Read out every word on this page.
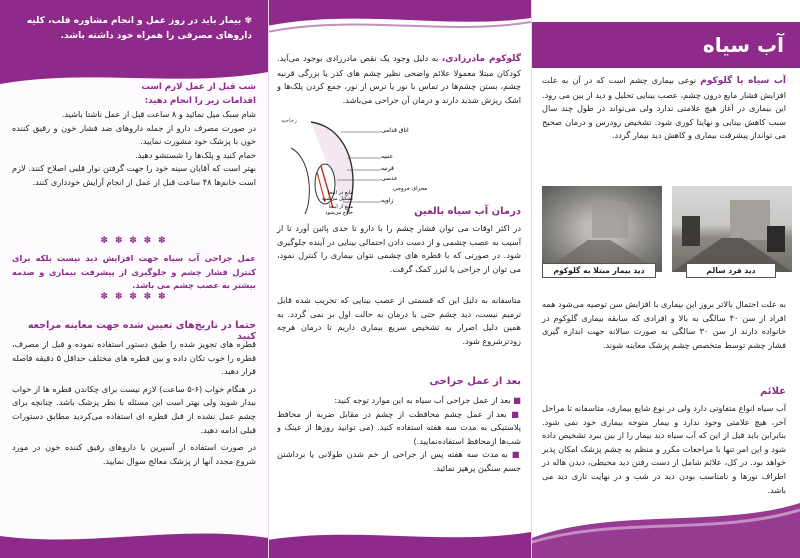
آب سیاه

آب سیاه یا گلوکوم نوعی بیماری چشم است که در آن به علت افزایش فشار مایع درون چشم، عصب بینایی تحلیل و دید از بین می رود. این بیماری در آغاز هیچ علامتی ندارد ولی می‌تواند در طول چند سال سبب کاهش بینایی و نهایتا کوری شود. تشخیص زودرس و درمان صحیح می توانداز پیشرفت بیماری و کاهش دید بیمار گردد.

دید فرد سالم
دید بیمار مبتلا به گلوکوم

به علت احتمال بالاتر بروز این بیماری با افزایش سن توصیه می‌شود همه افراد از سن ۴۰ سالگی به بالا و افرادی که سابقه بیماری گلوکوم در خانواده دارند از سن ۳۰ سالگی به صورت سالانه جهت اندازه گیری فشار چشم توسط متخصص چشم پزشک معاینه شوند.

علائم

آب سیاه انواع متفاوتی دارد ولی در نوع شایع بیماری، متاسفانه تا مراحل آخر، هیچ علامتی وجود ندارد و بیمار متوجه بیماری خود نمی شود. بنابراین باید قبل از این که آب سیاه دید بیمار را از بین ببرد تشخیص داده شود و این امر تنها با مراجعات مکرر و منظم به چشم پزشک امکان پذیر خواهد بود. در کل، علائم شامل از دست رفتن دید محیطی، دیدن هاله در اطراف نورها و نامناسب بودن دید در شب و در نهایت تاری دید می باشد.

گلوکوم مادرزادی، به دلیل وجود یک نقص مادرزادی بوجود می‌آید. کودکان مبتلا معمولا علائم واضحی نظیر چشم های کدر یا بزرگی قرنیه چشم، بستن چشم‌ها در تماس با نور یا ترس از نور، جمع کردن پلک‌ها و اشک ریزش شدید دارند و درمان آن جراحی می‌باشد.

اتاق قدامی
عنبیه
قرنیه
عدسی
زاویه
زجاجیه
مجرای خروجی
مایع در اینجا تشکیل می‌شود
مایع از اینجا خارج می‌شود	درمان آب سیاه بالغین

در اکثر اوقات می توان فشار چشم را با دارو تا حدی پائین آورد تا از آسیب به عصب چشمی و از دست دادن احتمالی بینایی در آینده جلوگیری شود. در صورتی که با قطره های چشمی نتوان بیماری را کنترل نمود، می توان از جراحی یا لیزر کمک گرفت.

متاسفانه به دلیل این که قسمتی از عصب بینایی که تخریب شده قابل ترمیم نیست، دید چشم حتی با درمان به حالت اول بر نمی گردد. به همین دلیل اصرار به تشخیص سریع بیماری داریم تا درمان هرچه زودترشروع شود.

بعد از عمل جراحی

■ بعد از عمل جراحی آب سیاه به این موارد توجه کنید:

■ بعد از عمل چشم محافظت از چشم در مقابل ضربه از محافظ پلاستیکی به مدت سه هفته استفاده کنید. (می توانید روزها از عینک و شب‌ها ازمحافظ استفاده‌نمایید.)

■ به مدت سه هفته پس از جراحی از خم شدن طولانی یا برداشتن جسم سنگین پرهیز نمائید.

✾ بیمار باید در روز عمل و انجام مشاوره قلب، کلیه داروهای مصرفی را همراه خود داشته باشد.
شب قبل از عمل لازم است
اقدامات زیر را انجام دهید:

شام سبک میل نمائید و ۸ ساعت قبل از عمل ناشتا باشید.

در صورت مصرف دارو از جمله داروهای ضد فشار خون و رقیق کننده خون با پزشک خود مشورت نمایید.

حمام کنید و پلک‌ها را شستشو دهید.

بهتر است که آقایان سینه خود را جهت گرفتن نوار قلبی اصلاح کنند. لازم است خانم‌ها ۴۸ ساعت قبل از عمل از انجام آرایش خودداری کنند.

✽ ✽ ✽ ✽ ✽
عمل جراحی آب سیاه جهت افزایش دید نیست بلکه برای کنترل فشار چشم و جلوگیری از پیشرفت بیماری و صدمه بیشتر به عصب چشم می باشد.
✽ ✽ ✽ ✽ ✽
حتما در تاریخ‌های تعیین شده جهت معاینه مراجعه کنید

قطره های تجویز شده را طبق دستور استفاده نموده و قبل از مصرف، قطره را خوب تکان داده و بین قطره های مختلف حداقل ۵ دقیقه فاصله قرار دهید.

در هنگام خواب (۶-۵ ساعت) لازم نیست برای چکاندن قطره ها از خواب بیدار شوید ولی بهتر است این مسئله با نظر پزشک باشد. چنانچه برای چشم عمل نشده از قبل قطره ای استفاده می‌کردید مطابق دستورات قبلی ادامه دهید.

در صورت استفاده از آسپرین یا داروهای رقیق کننده خون در مورد شروع مجدد آنها از پزشک معالج سوال نمایید.
